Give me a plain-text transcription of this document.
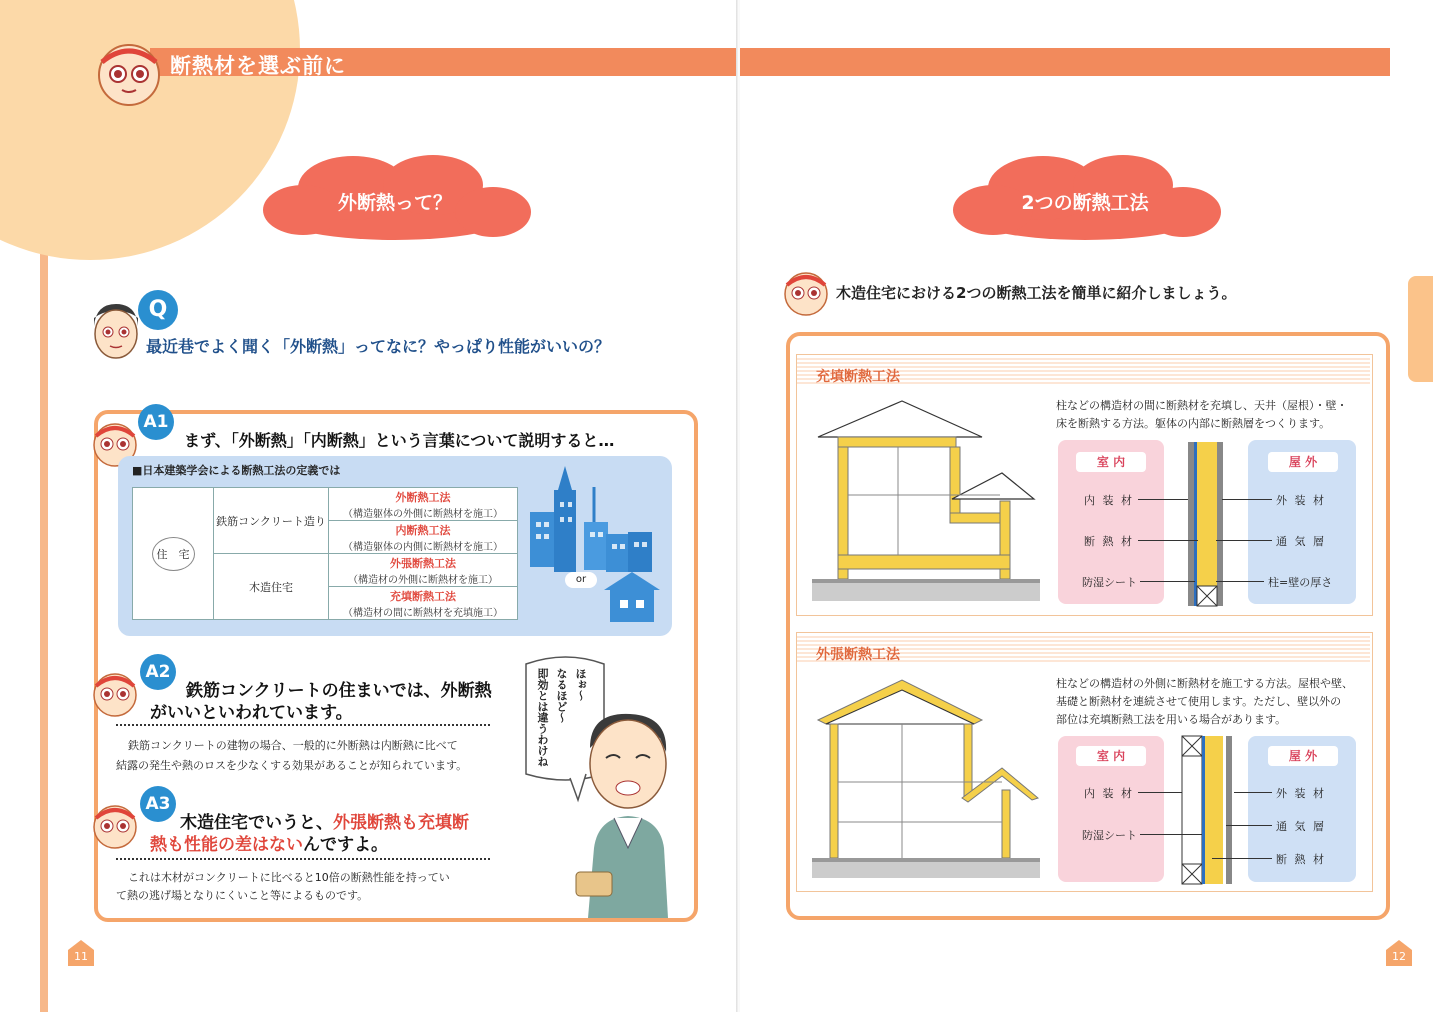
断熱材を選ぶ前に
外断熱って？
Q
最近巷でよく聞く「外断熱」ってなに？やっぱり性能がいいの？
A1
まず、「外断熱」「内断熱」という言葉について説明すると…
■日本建築学会による断熱工法の定義では
住　宅	鉄筋コンクリート造り	外断熱工法
（構造躯体の外側に断熱材を施工）

		内断熱工法
（構造躯体の内側に断熱材を施工）

	木造住宅	外張断熱工法
（構造材の外側に断熱材を施工）

		充填断熱工法
（構造材の間に断熱材を充填施工）
or
A2
鉄筋コンクリートの住まいでは、外断熱
がいいといわれています。
鉄筋コンクリートの建物の場合、一般的に外断熱は内断熱に比べて
結露の発生や熱のロスを少なくする効果があることが知られています。
ほぉ〜
なるほど〜
即効とは違うわけね
A3
木造住宅でいうと、外張断熱も充填断
熱も性能の差はないんですよ。
これは木材がコンクリートに比べると10倍の断熱性能を持ってい
て熱の逃げ場となりにくいこと等によるものです。
11
2つの断熱工法
木造住宅における2つの断熱工法を簡単に紹介しましょう。
充填断熱工法
柱などの構造材の間に断熱材を充填し、天井（屋根）・壁・
床を断熱する方法。躯体の内部に断熱層をつくります。
室 内	屋 外
内 装 材
断 熱 材
防湿シート
外 装 材
通 気 層
柱=壁の厚さ
外張断熱工法
柱などの構造材の外側に断熱材を施工する方法。屋根や壁、
基礎と断熱材を連続させて使用します。ただし、壁以外の
部位は充填断熱工法を用いる場合があります。
室 内	屋 外
内 装 材
防湿シート
外 装 材
通 気 層
断 熱 材
12
